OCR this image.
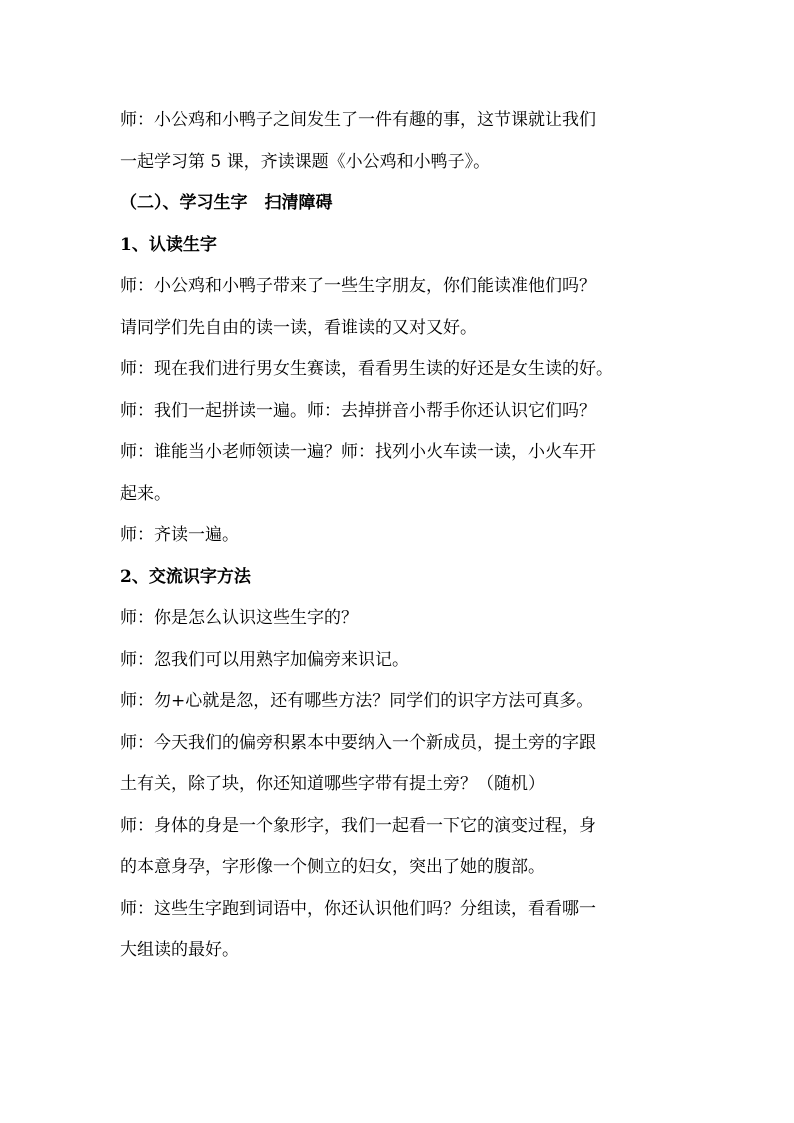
师：小公鸡和小鸭子之间发生了一件有趣的事，这节课就让我们

一起学习第 5 课，齐读课题《小公鸡和小鸭子》。

（二）、学习生字　扫清障碍

1、认读生字

师：小公鸡和小鸭子带来了一些生字朋友，你们能读准他们吗？

请同学们先自由的读一读，看谁读的又对又好。

师：现在我们进行男女生赛读，看看男生读的好还是女生读的好。

师：我们一起拼读一遍。师：去掉拼音小帮手你还认识它们吗？

师：谁能当小老师领读一遍？师：找列小火车读一读，小火车开

起来。

师：齐读一遍。

2、交流识字方法

师：你是怎么认识这些生字的？

师：忽我们可以用熟字加偏旁来识记。

师：勿+心就是忽，还有哪些方法？同学们的识字方法可真多。

师：今天我们的偏旁积累本中要纳入一个新成员，提土旁的字跟

土有关，除了块，你还知道哪些字带有提土旁？（随机）

师：身体的身是一个象形字，我们一起看一下它的演变过程，身

的本意身孕，字形像一个侧立的妇女，突出了她的腹部。

师：这些生字跑到词语中，你还认识他们吗？分组读，看看哪一

大组读的最好。
